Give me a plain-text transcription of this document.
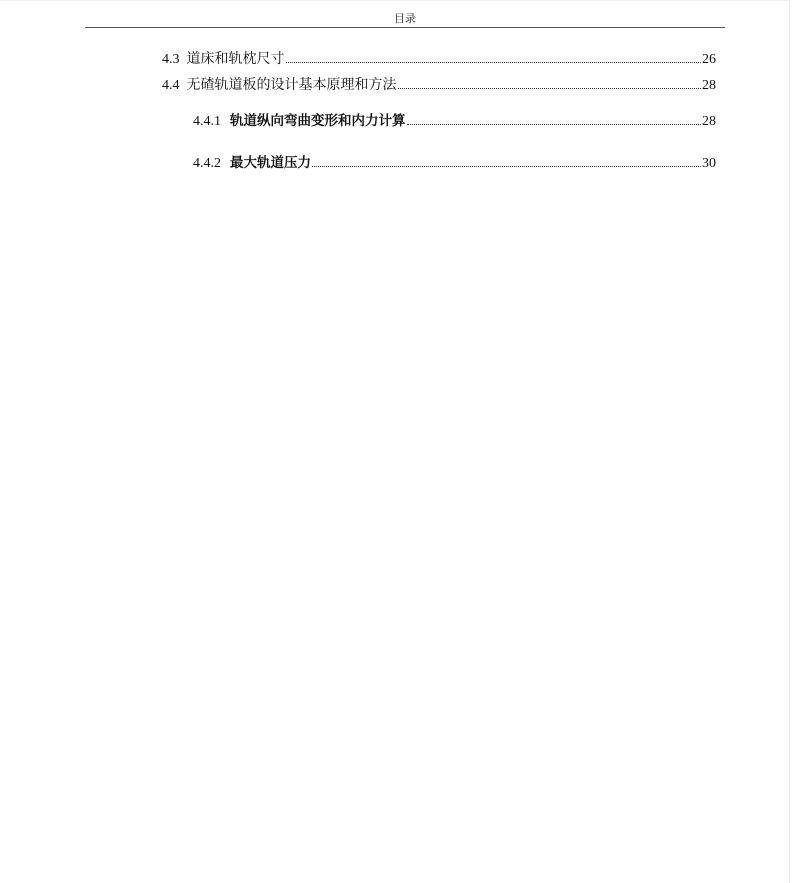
目录
4.3 道床和轨枕尺寸	26
4.4 无碴轨道板的设计基本原理和方法	28
4.4.1 轨道纵向弯曲变形和内力计算	28
4.4.2 最大轨道压力	30
